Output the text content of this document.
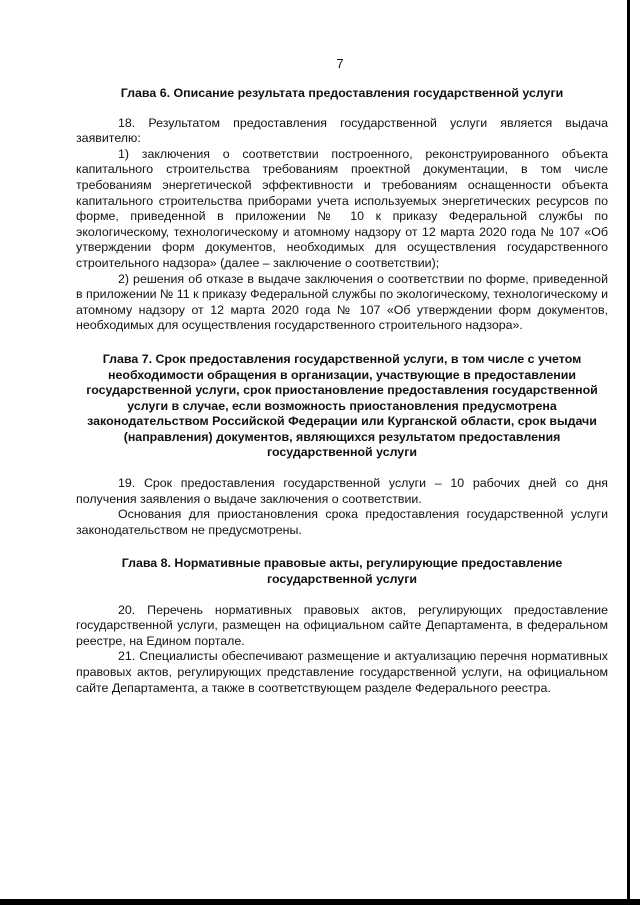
7

Глава 6. Описание результата предоставления государственной услуги

18. Результатом предоставления государственной услуги является выдача заявителю:

1) заключения о соответствии построенного, реконструированного объекта капитального строительства требованиям проектной документации, в том числе требованиям энергетической эффективности и требованиям оснащенности объекта капитального строительства приборами учета используемых энергетических ресурсов по форме, приведенной в приложении № 10 к приказу Федеральной службы по экологическому, технологическому и атомному надзору от 12 марта 2020 года № 107 «Об утверждении форм документов, необходимых для осуществления государственного строительного надзора» (далее – заключение о соответствии);

2) решения об отказе в выдаче заключения о соответствии по форме, приведенной в приложении № 11 к приказу Федеральной службы по экологическому, технологическому и атомному надзору от 12 марта 2020 года № 107 «Об утверждении форм документов, необходимых для осуществления государственного строительного надзора».

Глава 7. Срок предоставления государственной услуги, в том числе с учетом необходимости обращения в организации, участвующие в предоставлении государственной услуги, срок приостановление предоставления государственной услуги в случае, если возможность приостановления предусмотрена законодательством Российской Федерации или Курганской области, срок выдачи (направления) документов, являющихся результатом предоставления государственной услуги

19. Срок предоставления государственной услуги – 10 рабочих дней со дня получения заявления о выдаче заключения о соответствии.

Основания для приостановления срока предоставления государственной услуги законодательством не предусмотрены.

Глава 8. Нормативные правовые акты, регулирующие предоставление государственной услуги

20. Перечень нормативных правовых актов, регулирующих предоставление государственной услуги, размещен на официальном сайте Департамента, в федеральном реестре, на Едином портале.

21. Специалисты обеспечивают размещение и актуализацию перечня нормативных правовых актов, регулирующих представление государственной услуги, на официальном сайте Департамента, а также в соответствующем разделе Федерального реестра.
